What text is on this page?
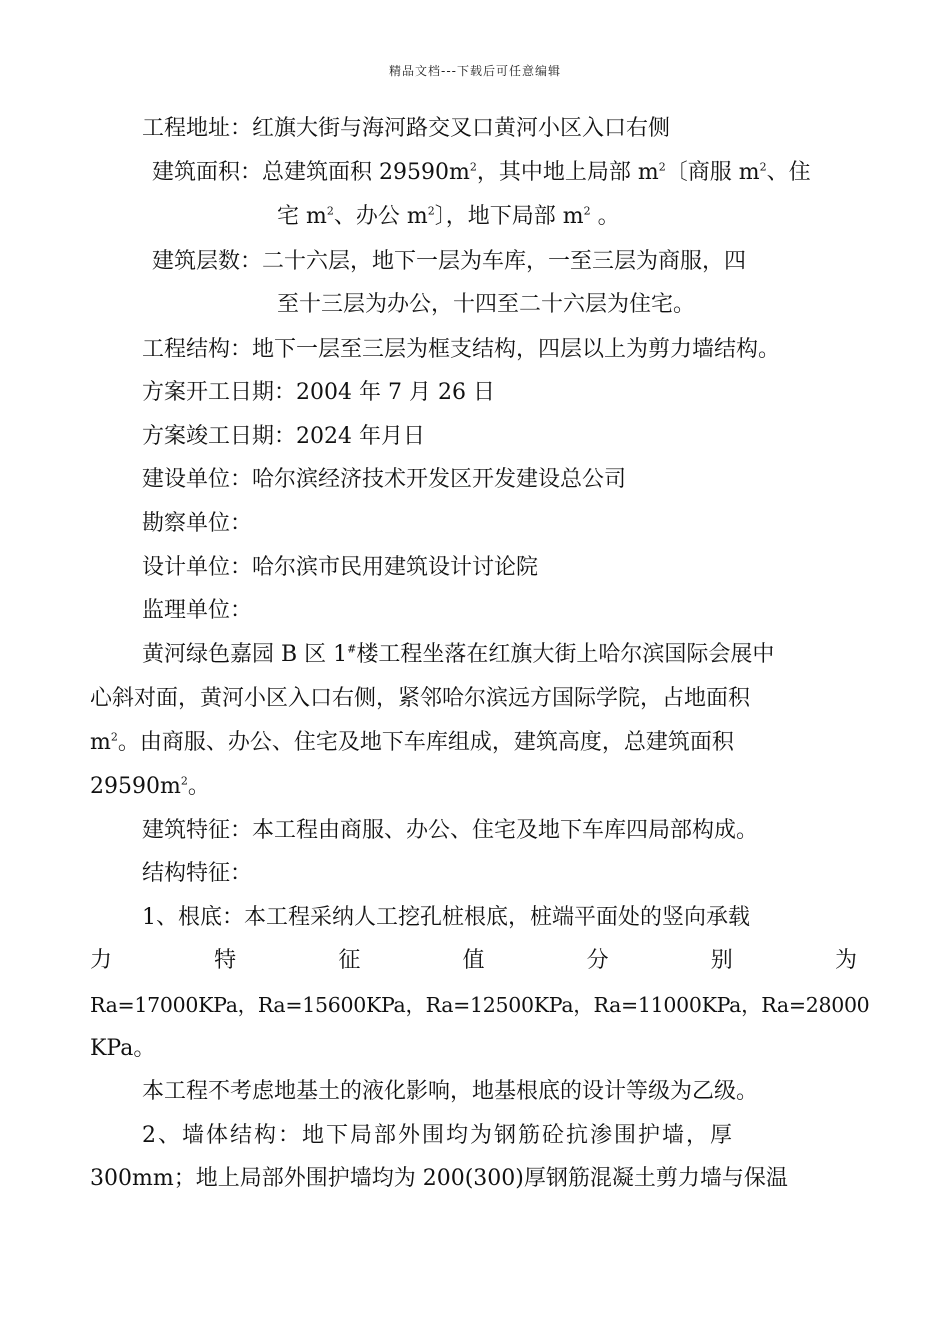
精品文档---下载后可任意编辑
工程地址：红旗大街与海河路交叉口黄河小区入口右侧
建筑面积：总建筑面积 $29590m^2$，其中地上局部 $m^2$〔商服 $m^2$、住
宅 $m^2$、办公 $m^2$〕，地下局部 $m^2$ 。
建筑层数：二十六层，地下一层为车库，一至三层为商服，四
至十三层为办公，十四至二十六层为住宅。
工程结构：地下一层至三层为框支结构，四层以上为剪力墙结构。
方案开工日期：2004 年 7 月 26 日
方案竣工日期：2024 年月日
建设单位：哈尔滨经济技术开发区开发建设总公司
勘察单位：
设计单位：哈尔滨市民用建筑设计讨论院
监理单位：
黄河绿色嘉园 B 区 1#楼工程坐落在红旗大街上哈尔滨国际会展中
心斜对面，黄河小区入口右侧，紧邻哈尔滨远方国际学院，占地面积
$m^2$。由商服、办公、住宅及地下车库组成，建筑高度，总建筑面积
$29590m^2$。
建筑特征：本工程由商服、办公、住宅及地下车库四局部构成。
结构特征：
1、根底：本工程采纳人工挖孔桩根底，桩端平面处的竖向承载
力	特	征	值	分	别	为
Ra=17000KPa，Ra=15600KPa，Ra=12500KPa，Ra=11000KPa，Ra=28000
KPa。
本工程不考虑地基土的液化影响，地基根底的设计等级为乙级。
2、墙体结构：地下局部外围均为钢筋砼抗渗围护墙，厚
300mm；地上局部外围护墙均为 200(300)厚钢筋混凝土剪力墙与保温
